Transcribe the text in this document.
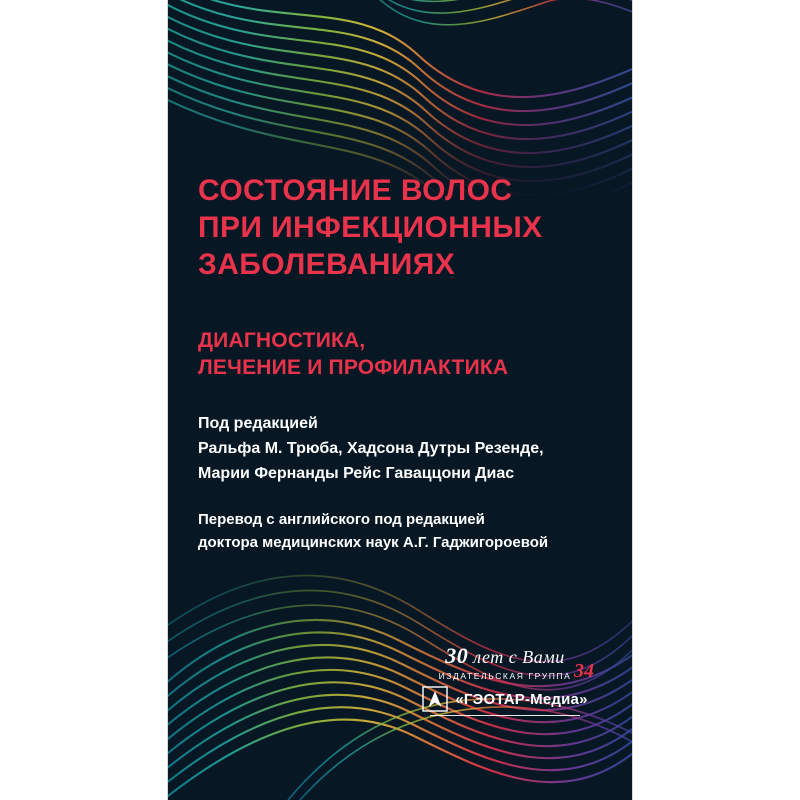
СОСТОЯНИЕ ВОЛОС
ПРИ ИНФЕКЦИОННЫХ
ЗАБОЛЕВАНИЯХ
ДИАГНОСТИКА,
ЛЕЧЕНИЕ И ПРОФИЛАКТИКА
Под редакцией
Ральфа М. Трюба, Хадсона Дутры Резенде,
Марии Фернанды Рейс Гаваццони Диас
Перевод с английского под редакцией
доктора медицинских наук А.Г. Гаджигороевой
30 лет с Вами
ИЗДАТЕЛЬСКАЯ ГРУППА
«ГЭОТАР-Медиа»
34
